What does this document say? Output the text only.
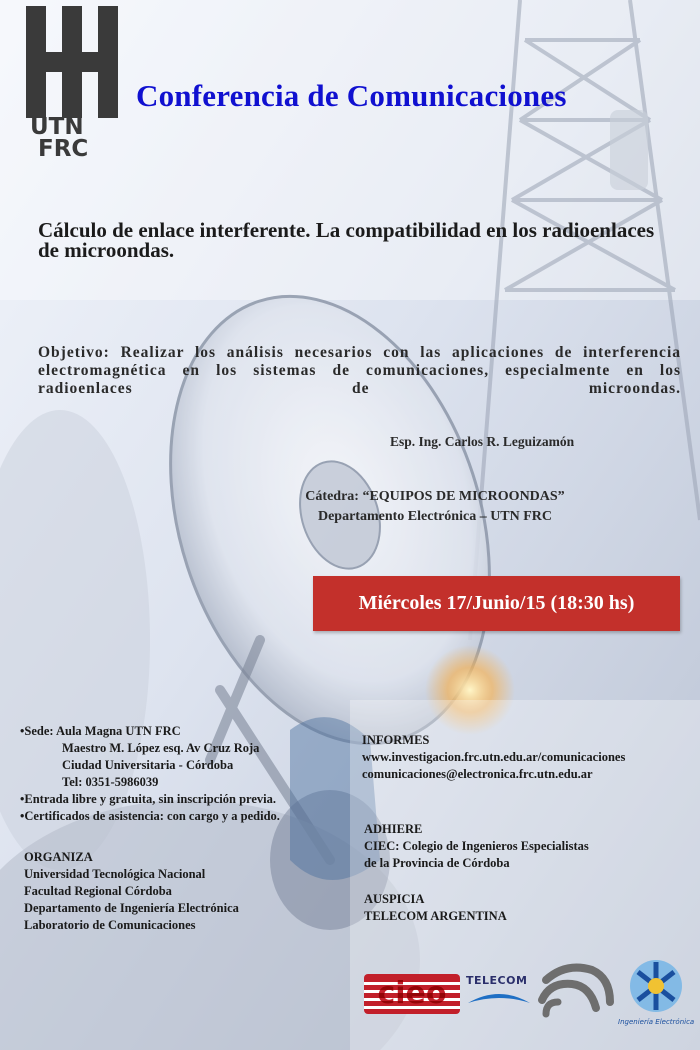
UTN
FRC
Conferencia de Comunicaciones
Cálculo de enlace interferente. La compatibilidad en los radioenlaces de microondas.
Objetivo: Realizar los análisis necesarios con las aplicaciones de interferencia electromagnética en los sistemas de comunicaciones, especialmente en los radioenlaces de microondas.
Esp. Ing. Carlos R. Leguizamón
Cátedra: “EQUIPOS DE MICROONDAS”
Departamento Electrónica – UTN FRC
Miércoles 17/Junio/15 (18:30 hs)
•Sede: Aula Magna UTN FRC
Maestro M. López esq. Av Cruz Roja
Ciudad Universitaria - Córdoba
Tel: 0351-5986039
•Entrada libre y gratuita, sin inscripción previa.
•Certificados de asistencia: con cargo y a pedido.
ORGANIZA
Universidad Tecnológica Nacional
Facultad Regional Córdoba
Departamento de Ingeniería Electrónica
Laboratorio de Comunicaciones
INFORMES
www.investigacion.frc.utn.edu.ar/comunicaciones
comunicaciones@electronica.frc.utn.edu.ar
ADHIERE
CIEC: Colegio de Ingenieros Especialistas
de la Provincia de Córdoba
AUSPICIA
TELECOM ARGENTINA
cieo	TELECOM
Ingeniería Electrónica
